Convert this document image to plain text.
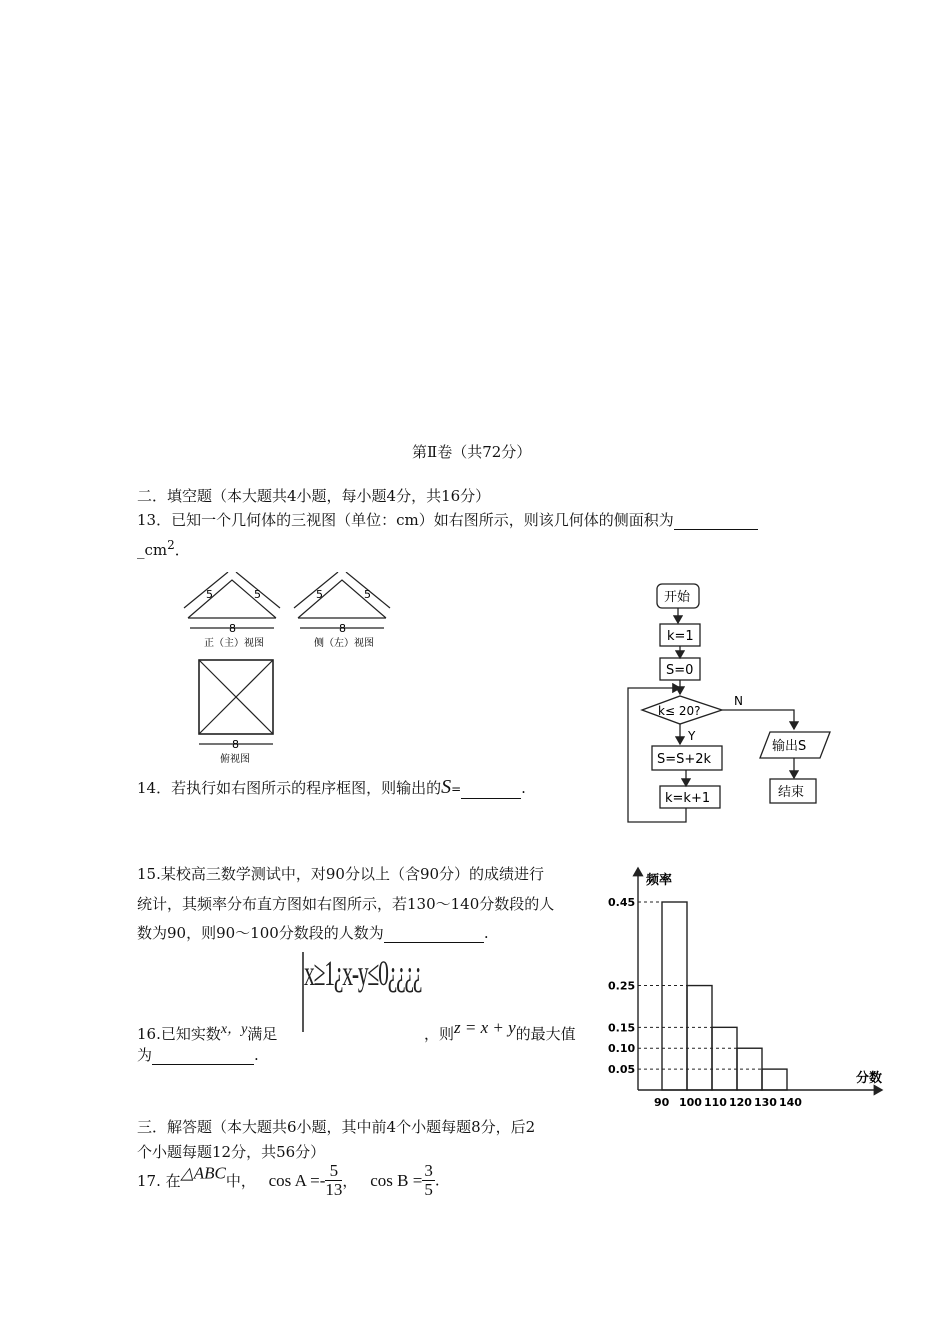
第Ⅱ卷（共72分）
二．填空题（本大题共4小题，每小题4分，共16分）
13．已知一个几何体的三视图（单位：cm）如右图所示，则该几何体的侧面积为
$\_cm^2$．
5	5	5	5
8	8
正（主）视图	侧（左）视图
8
俯视图
开始
k=1
S=0
k≤ 20?
Y
N
S=S+2k
k=k+1
输出S
结束
14．若执行如右图所示的程序框图，则输出的S=	.
15.某校高三数学测试中，对90分以上（含90分）的成绩进行
统计，其频率分布直方图如右图所示，若130～140分数段的人
数为90，则90～100分数段的人数为	.
0.45
0.25
0.15
0.10
0.05
90 100 110 120 130 140
频率
分数
x≥1¿x-y≤0¿¿¿¿
16.已知实数$^{x,y}$满足	，则$^{z = x + y}$的最大值
为	.
三．解答题（本大题共6小题，其中前4个小题每题8分，后2
个小题每题12分，共56分）
17. 在△ABC中， $\cos A =- \frac{5}{13}$ ， $\cos B = \frac{3}{5}$ .
